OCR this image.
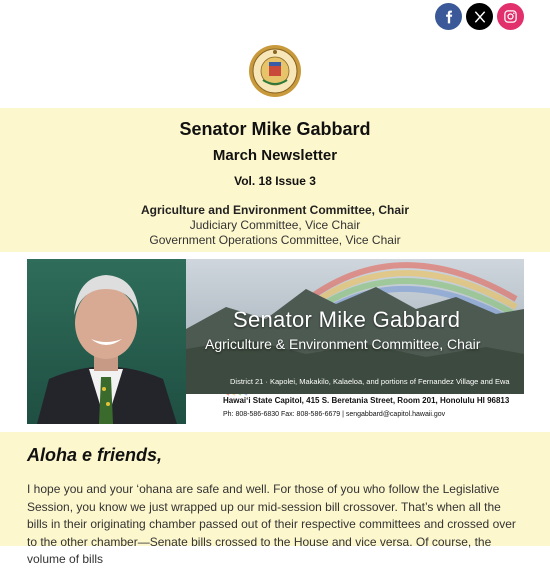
Senator Mike Gabbard
March Newsletter
Vol. 18 Issue 3
Agriculture and Environment Committee, Chair
Judiciary Committee, Vice Chair
Government Operations Committee, Vice Chair
Senator Mike Gabbard
Agriculture & Environment Committee, Chair
District 21 · Kapolei, Makakilo, Kalaeloa, and portions of Fernandez Village and Ewa
Hawaiʻi State Capitol, 415 S. Beretania Street, Room 201, Honolulu HI 96813
Ph: 808-586-6830 Fax: 808-586-6679 | sengabbard@capitol.hawaii.gov
Aloha e friends,

I hope you and your ‘ohana are safe and well. For those of you who follow the Legislative Session, you know we just wrapped up our mid-session bill crossover. That’s when all the bills in their originating chamber passed out of their respective committees and crossed over to the other chamber—Senate bills crossed to the House and vice versa. Of course, the volume of bills
